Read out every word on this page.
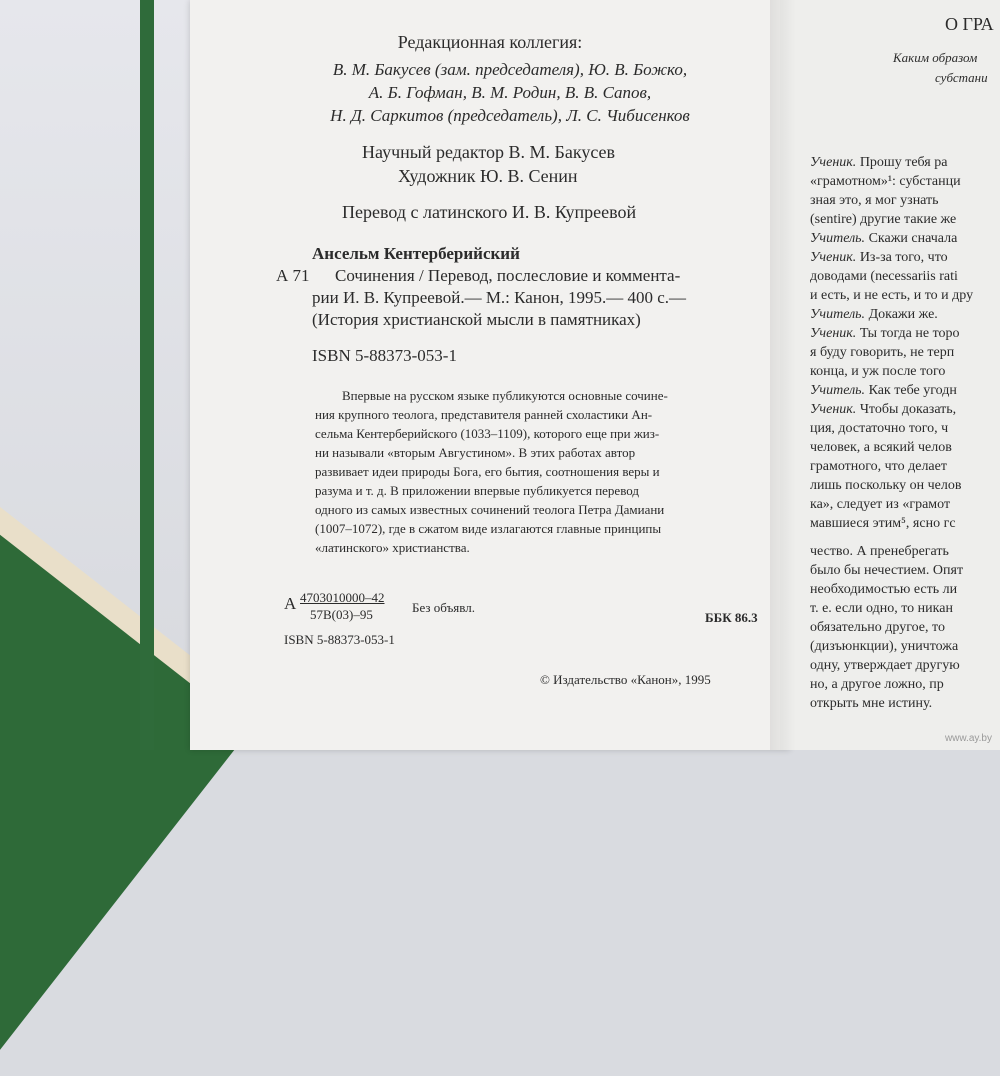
Редакционная коллегия:
В. М. Бакусев (зам. председателя), Ю. В. Божко,
А. Б. Гофман, В. М. Родин, В. В. Сапов,
Н. Д. Саркитов (председатель), Л. С. Чибисенков
Научный редактор В. М. Бакусев
Художник Ю. В. Сенин
Перевод с латинского И. В. Купреевой
Ансельм Кентерберийский
А 71 Сочинения / Перевод, послесловие и коммента-
рии И. В. Купреевой.— М.: Канон, 1995.— 400 с.—
(История христианской мысли в памятниках)
ISBN 5-88373-053-1
Впервые на русском языке публикуются основные сочине-
ния крупного теолога, представителя ранней схоластики Ан-
сельма Кентерберийского (1033–1109), которого еще при жиз-
ни называли «вторым Августином». В этих работах автор
развивает идеи природы Бога, его бытия, соотношения веры и
разума и т. д. В приложении впервые публикуется перевод
одного из самых известных сочинений теолога Петра Дамиани
(1007–1072), где в сжатом виде излагаются главные принципы
«латинского» христианства.
А 4703010000–42
57В(03)–95	Без объявл.
ББК 86.3
ISBN 5-88373-053-1
© Издательство «Канон», 1995
О ГРА
Каким образом
субстани
Ученик. Прошу тебя ра
«грамотном»¹: субстанци
зная это, я мог узнать
(sentire) другие такие же
Учитель. Скажи сначала
Ученик. Из-за того, что
доводами (necessariis rati
и есть, и не есть, и то и дру
Учитель. Докажи же.
Ученик. Ты тогда не торо
я буду говорить, не терп
конца, и уж после того
Учитель. Как тебе угодн
Ученик. Чтобы доказать,
ция, достаточно того, ч
человек, а всякий челов
грамотного, что делает
лишь поскольку он челов
ка», следует из «грамот
мавшиеся этим⁵, ясно гс
чество. А пренебрегать
было бы нечестием. Опят
необходимостью есть ли
т. е. если одно, то никан
обязательно другое, то
(дизъюнкции), уничтожа
одну, утверждает другую
но, а другое ложно, пр
открыть мне истину.
www.ay.by
